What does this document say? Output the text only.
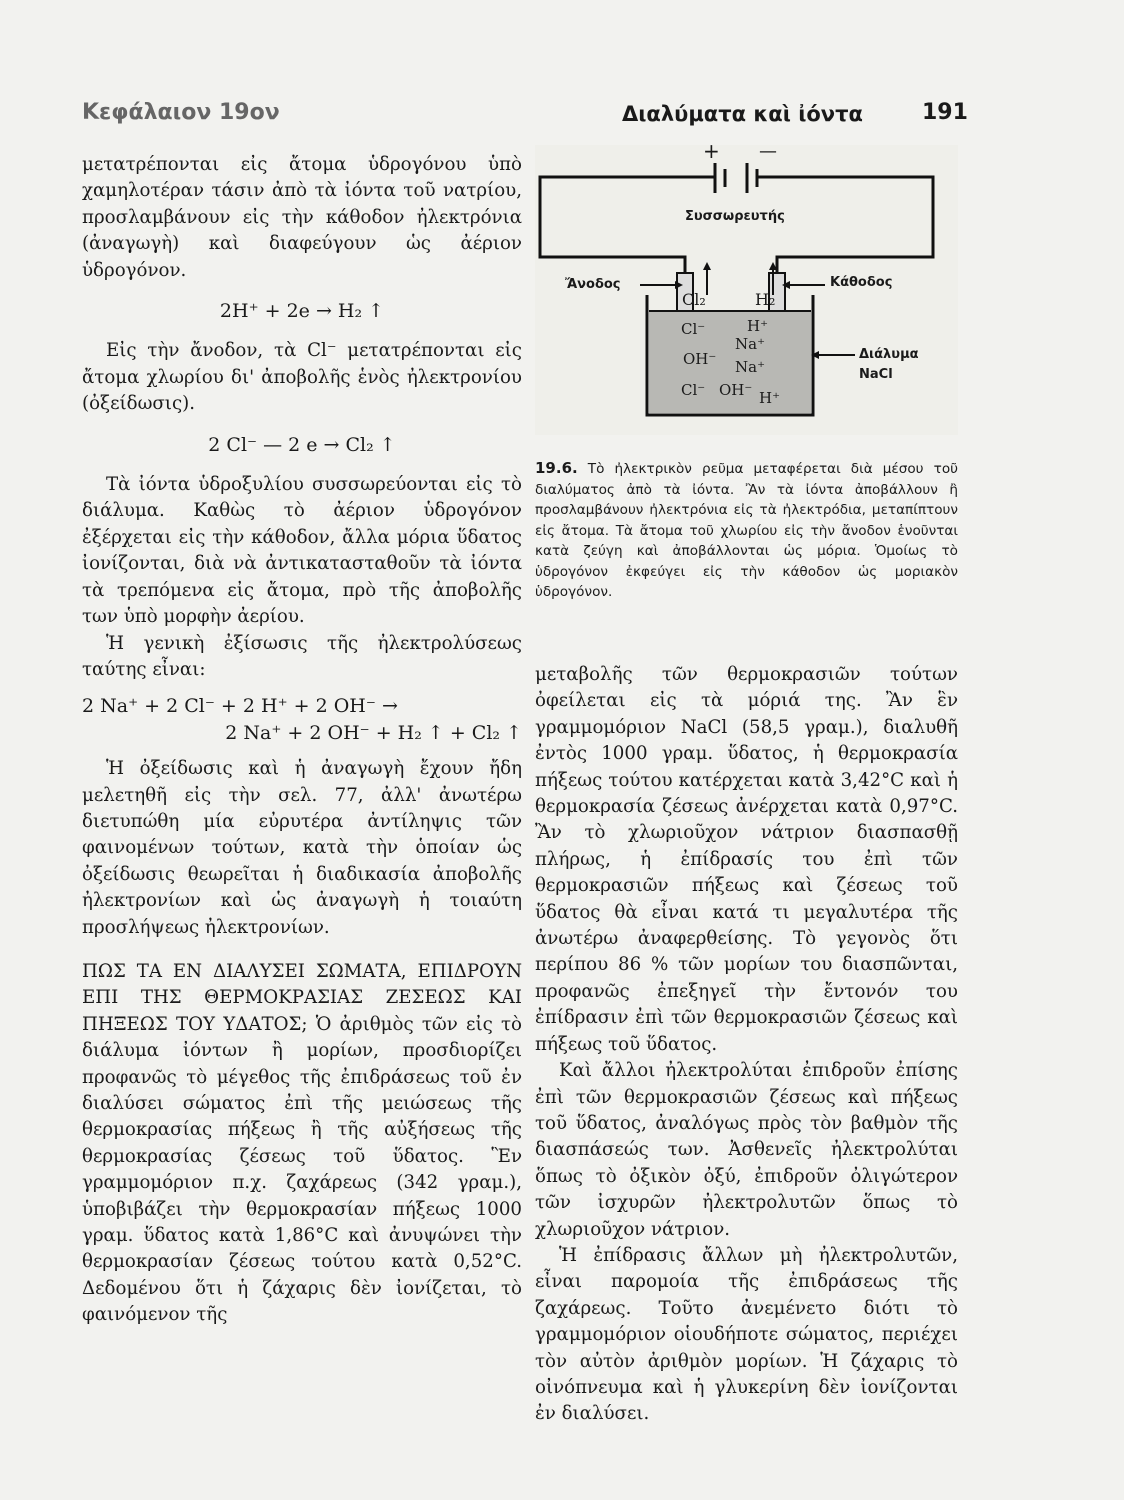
Κεφάλαιον 19ον	Διαλύματα καὶ ἰόντα	191

μετατρέπονται εἰς ἄτομα ὑδρογόνου ὑπὸ χαμηλοτέραν τάσιν ἀπὸ τὰ ἰόντα τοῦ νατρίου, προσλαμβάνουν εἰς τὴν κάθοδον ἠλεκτρόνια (ἀναγωγὴ) καὶ διαφεύγουν ὡς ἀέριον ὑδρογόνον.

2H⁺ + 2e → H₂ ↑

Εἰς τὴν ἄνοδον, τὰ Cl⁻ μετατρέπονται εἰς ἄτομα χλωρίου δι' ἀποβολῆς ἑνὸς ἠλεκτρονίου (ὀξείδωσις).

2 Cl⁻ — 2 e → Cl₂ ↑

Τὰ ἰόντα ὑδροξυλίου συσσωρεύονται εἰς τὸ διάλυμα. Καθὼς τὸ ἀέριον ὑδρογόνον ἐξέρχεται εἰς τὴν κάθοδον, ἄλλα μόρια ὕδατος ἰονίζονται, διὰ νὰ ἀντικατασταθοῦν τὰ ἰόντα τὰ τρεπόμενα εἰς ἄτομα, πρὸ τῆς ἀποβολῆς των ὑπὸ μορφὴν ἀερίου.

Ἡ γενικὴ ἐξίσωσις τῆς ἠλεκτρολύσεως ταύτης εἶναι:

2 Na⁺ + 2 Cl⁻ + 2 H⁺ + 2 OH⁻ →

2 Na⁺ + 2 OH⁻ + H₂ ↑ + Cl₂ ↑

Ἡ ὀξείδωσις καὶ ἡ ἀναγωγὴ ἔχουν ἤδη μελετηθῆ εἰς τὴν σελ. 77, ἀλλ' ἀνωτέρω διετυπώθη μία εὐρυτέρα ἀντίληψις τῶν φαινομένων τούτων, κατὰ τὴν ὁποίαν ὡς ὀξείδωσις θεωρεῖται ἡ διαδικασία ἀποβολῆς ἠλεκτρονίων καὶ ὡς ἀναγωγὴ ἡ τοιαύτη προσλήψεως ἠλεκτρονίων.

ΠΩΣ ΤΑ ΕΝ ΔΙΑΛΥΣΕΙ ΣΩΜΑΤΑ, ΕΠΙΔΡΟΥΝ ΕΠΙ ΤΗΣ ΘΕΡΜΟΚΡΑΣΙΑΣ ΖΕΣΕΩΣ ΚΑΙ ΠΗΞΕΩΣ ΤΟΥ ΥΔΑΤΟΣ; Ὁ ἀριθμὸς τῶν εἰς τὸ διάλυμα ἰόντων ἢ μορίων, προσδιορίζει προφανῶς τὸ μέγεθος τῆς ἐπιδράσεως τοῦ ἐν διαλύσει σώματος ἐπὶ τῆς μειώσεως τῆς θερμοκρασίας πήξεως ἢ τῆς αὐξήσεως τῆς θερμοκρασίας ζέσεως τοῦ ὕδατος. Ἓν γραμμομόριον π.χ. ζαχάρεως (342 γραμ.), ὑποβιβάζει τὴν θερμοκρασίαν πήξεως 1000 γραμ. ὕδατος κατὰ 1,86°C καὶ ἀνυψώνει τὴν θερμοκρασίαν ζέσεως τούτου κατὰ 0,52°C. Δεδομένου ὅτι ἡ ζάχαρις δὲν ἰονίζεται, τὸ φαινόμενον τῆς

+ —
Συσσωρευτής
Ἄνοδος	Κάθοδος
Cl₂	H₂
Cl⁻
OH⁻
Cl⁻ OH⁻
Na⁺
Na⁺
H⁺
H⁺
Διάλυμα
NaCl
19.6. Τὸ ἠλεκτρικὸν ρεῦμα μεταφέρεται διὰ μέσου τοῦ διαλύματος ἀπὸ τὰ ἰόντα. Ἂν τὰ ἰόντα ἀποβάλλουν ἢ προσλαμβάνουν ἠλεκτρόνια εἰς τὰ ἠλεκτρόδια, μεταπίπτουν εἰς ἄτομα. Τὰ ἄτομα τοῦ χλωρίου εἰς τὴν ἄνοδον ἑνοῦνται κατὰ ζεύγη καὶ ἀποβάλλονται ὡς μόρια. Ὁμοίως τὸ ὑδρογόνον ἐκφεύγει εἰς τὴν κάθοδον ὡς μοριακὸν ὑδρογόνον.

μεταβολῆς τῶν θερμοκρασιῶν τούτων ὀφείλεται εἰς τὰ μόριά της. Ἂν ἓν γραμμομόριον NaCl (58,5 γραμ.), διαλυθῆ ἐντὸς 1000 γραμ. ὕδατος, ἡ θερμοκρασία πήξεως τούτου κατέρχεται κατὰ 3,42°C καὶ ἡ θερμοκρασία ζέσεως ἀνέρχεται κατὰ 0,97°C. Ἂν τὸ χλωριοῦχον νάτριον διασπασθῇ πλήρως, ἡ ἐπίδρασίς του ἐπὶ τῶν θερμοκρασιῶν πήξεως καὶ ζέσεως τοῦ ὕδατος θὰ εἶναι κατά τι μεγαλυτέρα τῆς ἀνωτέρω ἀναφερθείσης. Τὸ γεγονὸς ὅτι περίπου 86 % τῶν μορίων του διασπῶνται, προφανῶς ἐπεξηγεῖ τὴν ἔντονόν του ἐπίδρασιν ἐπὶ τῶν θερμοκρασιῶν ζέσεως καὶ πήξεως τοῦ ὕδατος.

Καὶ ἄλλοι ἠλεκτρολύται ἐπιδροῦν ἐπίσης ἐπὶ τῶν θερμοκρασιῶν ζέσεως καὶ πήξεως τοῦ ὕδατος, ἀναλόγως πρὸς τὸν βαθμὸν τῆς διασπάσεώς των. Ἀσθενεῖς ἠλεκτρολύται ὅπως τὸ ὀξικὸν ὀξύ, ἐπιδροῦν ὀλιγώτερον τῶν ἰσχυρῶν ἠλεκτρολυτῶν ὅπως τὸ χλωριοῦχον νάτριον.

Ἡ ἐπίδρασις ἄλλων μὴ ἠλεκτρολυτῶν, εἶναι παρομοία τῆς ἐπιδράσεως τῆς ζαχάρεως. Τοῦτο ἀνεμένετο διότι τὸ γραμμομόριον οἱουδήποτε σώματος, περιέχει τὸν αὐτὸν ἀριθμὸν μορίων. Ἡ ζάχαρις τὸ οἰνόπνευμα καὶ ἡ γλυκερίνη δὲν ἰονίζονται ἐν διαλύσει.
